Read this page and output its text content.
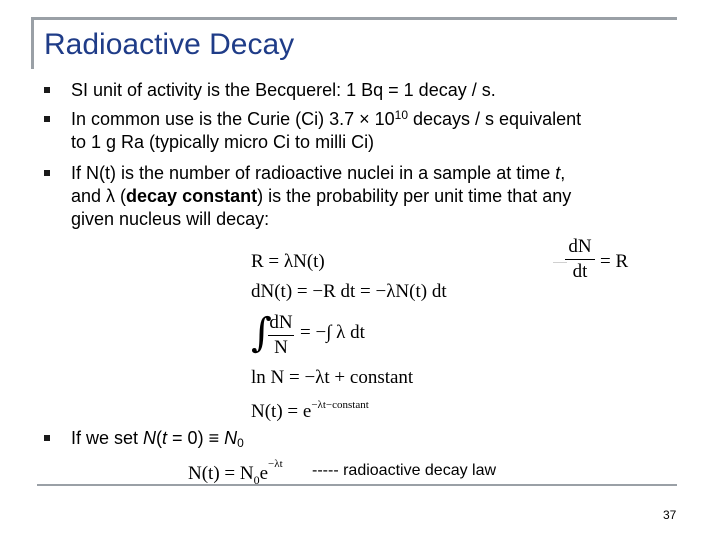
Radioactive Decay
SI unit of activity is the Becquerel: 1 Bq = 1 decay / s.
In common use is the Curie (Ci) $3.7 \times 10^{10}$ decays / s equivalent
to 1 g Ra (typically micro Ci to milli Ci)
If N(t) is the number of radioactive nuclei in a sample at time t,
and λ (decay constant) is the probability per unit time that any
given nucleus will decay:
R = λN(t)
dN(t) = −R dt = −λN(t) dt
∫
dN
N
= −∫ λ dt
ln N = −λt + constant
$N(t) = e^{-\lambda t-constant}$
dN
dt = R
If we set $N(t = 0) \equiv N_0$
$N(t) = N_0e^{-\lambda t}$ ----- radioactive decay law
37
